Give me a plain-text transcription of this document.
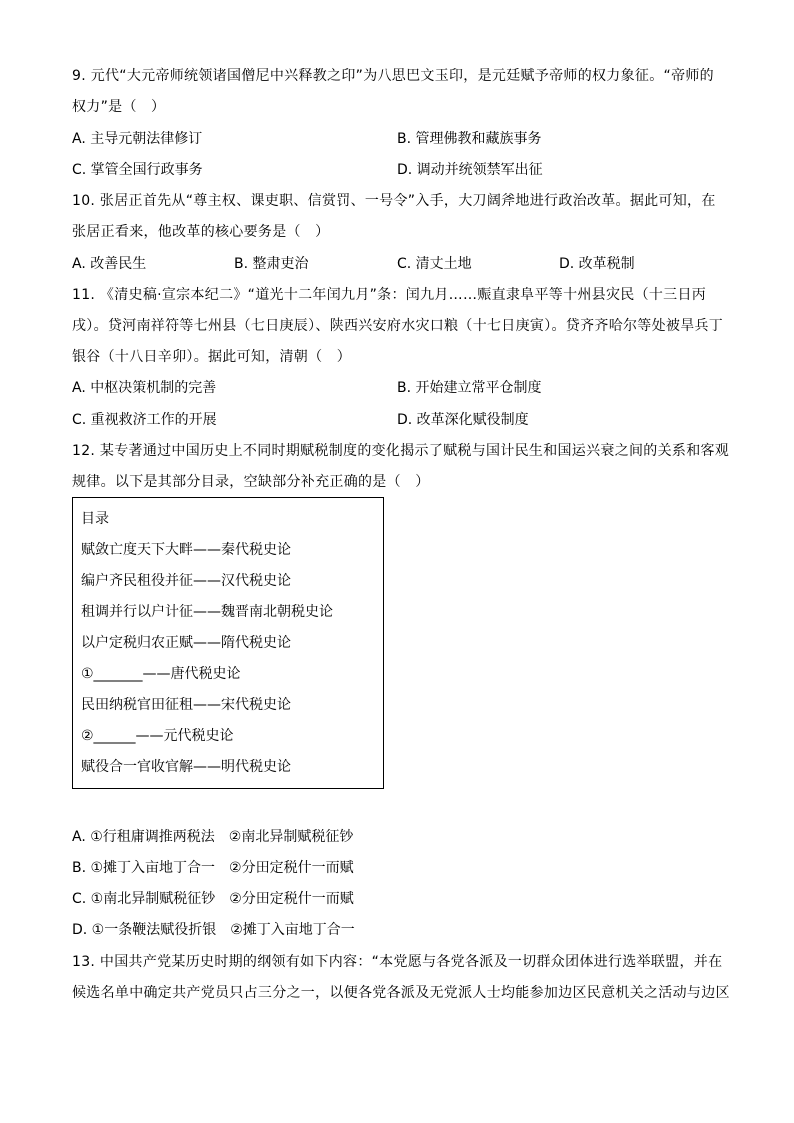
9. 元代“大元帝师统领诸国僧尼中兴释教之印”为八思巴文玉印，是元廷赋予帝师的权力象征。“帝师的
权力”是（　）
A. 主导元朝法律修订	B. 管理佛教和藏族事务
C. 掌管全国行政事务	D. 调动并统领禁军出征
10. 张居正首先从“尊主权、课吏职、信赏罚、一号令”入手，大刀阔斧地进行政治改革。据此可知，在
张居正看来，他改革的核心要务是（　）
A. 改善民生	B. 整肃吏治	C. 清丈土地	D. 改革税制
11. 《清史稿·宣宗本纪二》“道光十二年闰九月”条：闰九月……赈直隶阜平等十州县灾民（十三日丙
戌）。贷河南祥符等七州县（七日庚辰）、陕西兴安府水灾口粮（十七日庚寅）。贷齐齐哈尔等处被旱兵丁
银谷（十八日辛卯）。据此可知，清朝（　）
A. 中枢决策机制的完善	B. 开始建立常平仓制度
C. 重视救济工作的开展	D. 改革深化赋役制度
12. 某专著通过中国历史上不同时期赋税制度的变化揭示了赋税与国计民生和国运兴衰之间的关系和客观
规律。以下是其部分目录，空缺部分补充正确的是（　）
目录
赋敛亡度天下大畔——秦代税史论
编户齐民租役并征——汉代税史论
租调并行以户计征——魏晋南北朝税史论
以户定税归农正赋——隋代税史论
①_______——唐代税史论
民田纳税官田征租——宋代税史论
②______——元代税史论
赋役合一官收官解——明代税史论
A. ①行租庸调推两税法　②南北异制赋税征钞
B. ①摊丁入亩地丁合一　②分田定税什一而赋
C. ①南北异制赋税征钞　②分田定税什一而赋
D. ①一条鞭法赋役折银　②摊丁入亩地丁合一
13. 中国共产党某历史时期的纲领有如下内容：“本党愿与各党各派及一切群众团体进行选举联盟，并在
候选名单中确定共产党员只占三分之一，以便各党各派及无党派人士均能参加边区民意机关之活动与边区
